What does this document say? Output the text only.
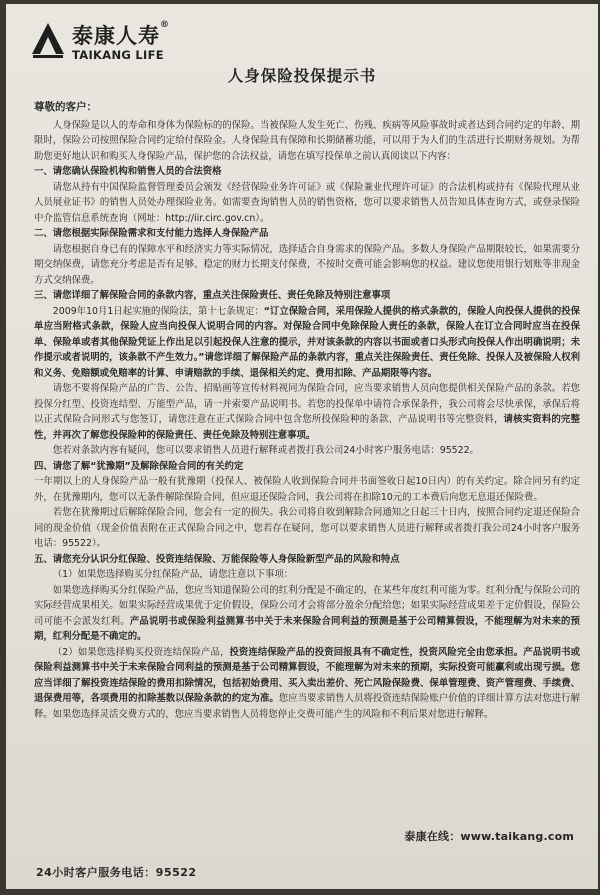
泰康人寿®
TAIKANG LIFE
人身保险投保提示书
尊敬的客户：

人身保险是以人的寿命和身体为保险标的的保险。当被保险人发生死亡、伤残、疾病等风险事故时或者达到合同约定的年龄、期限时，保险公司按照保险合同约定给付保险金。人身保险具有保障和长期储蓄功能，可以用于为人们的生活进行长期财务规划。为帮助您更好地认识和购买人身保险产品，保护您的合法权益，请您在填写投保单之前认真阅读以下内容：

一、请您确认保险机构和销售人员的合法资格

请您从持有中国保险监督管理委员会颁发《经营保险业务许可证》或《保险兼业代理许可证》的合法机构或持有《保险代理从业人员展业证书》的销售人员处办理保险业务。如需要查询销售人员的销售资格，您可以要求销售人员告知具体查询方式，或登录保险中介监管信息系统查询（网址：http://iir.circ.gov.cn）。

二、请您根据实际保险需求和支付能力选择人身保险产品

请您根据自身已有的保障水平和经济实力等实际情况，选择适合自身需求的保险产品。多数人身保险产品期限较长，如果需要分期交纳保费，请您充分考虑是否有足够、稳定的财力长期支付保费，不按时交费可能会影响您的权益。建议您使用银行划账等非现金方式交纳保费。

三、请您详细了解保险合同的条款内容，重点关注保险责任、责任免除及特别注意事项

2009年10月1日起实施的保险法，第十七条规定：“订立保险合同，采用保险人提供的格式条款的，保险人向投保人提供的投保单应当附格式条款，保险人应当向投保人说明合同的内容。对保险合同中免除保险人责任的条款，保险人在订立合同时应当在投保单、保险单或者其他保险凭证上作出足以引起投保人注意的提示，并对该条款的内容以书面或者口头形式向投保人作出明确说明；未作提示或者说明的，该条款不产生效力。”请您详细了解保险产品的条款内容，重点关注保险责任、责任免除、投保人及被保险人权利和义务、免赔额或免赔率的计算、申请赔款的手续、退保相关约定、费用扣除、产品期限等内容。

请您不要将保险产品的广告、公告、招贴画等宣传材料视同为保险合同，应当要求销售人员向您提供相关保险产品的条款。若您投保分红型、投资连结型、万能型产品，请一并索要产品说明书。若您的投保单中请符合承保条件，我公司将会尽快承保，承保后将以正式保险合同形式与您签订，请您注意在正式保险合同中包含您所投保险种的条款、产品说明书等完整资料，请核实资料的完整性，并再次了解您投保险种的保险责任、责任免除及特别注意事项。

您若对条款内容有疑问，您可以要求销售人员进行解释或者拨打我公司24小时客户服务电话：95522。

四、请您了解“犹豫期”及解除保险合同的有关约定

一年期以上的人身保险产品一般有犹豫期（投保人、被保险人收到保险合同并书面签收日起10日内）的有关约定。除合同另有约定外，在犹豫期内，您可以无条件解除保险合同，但应退还保险合同，我公司将在扣除10元的工本费后向您无息退还保险费。

若您在犹豫期过后解除保险合同，您会有一定的损失。我公司将自收到解除合同通知之日起三十日内，按照合同约定退还保险合同的现金价值（现金价值表附在正式保险合同之中，您若存在疑问，您可以要求销售人员进行解释或者拨打我公司24小时客户服务电话：95522）。

五、请您充分认识分红保险、投资连结保险、万能保险等人身保险新型产品的风险和特点

（1）如果您选择购买分红保险产品，请您注意以下事项：

如果您选择购买分红保险产品，您应当知道保险公司的红利分配是不确定的，在某些年度红利可能为零。红利分配与保险公司的实际经营成果相关。如果实际经营成果优于定价假设，保险公司才会将部分盈余分配给您；如果实际经营成果差于定价假设，保险公司可能不会派发红利。产品说明书或保险利益测算书中关于未来保险合同利益的预测是基于公司精算假设，不能理解为对未来的预期，红利分配是不确定的。

（2）如果您选择购买投资连结保险产品，投资连结保险产品的投资回报具有不确定性，投资风险完全由您承担。产品说明书或保险利益测算书中关于未来保险合同利益的预测是基于公司精算假设，不能理解为对未来的预期，实际投资可能赢利或出现亏损。您应当详细了解投资连结保险的费用扣除情况，包括初始费用、买入卖出差价、死亡风险保险费、保单管理费、资产管理费、手续费、退保费用等，各项费用的扣除基数以保险条款的约定为准。您应当要求销售人员将投资连结保险账户价值的详细计算方法对您进行解释。如果您选择灵活交费方式的，您应当要求销售人员将您停止交费可能产生的风险和不利后果对您进行解释。

泰康在线：www.taikang.com
24小时客户服务电话：95522
